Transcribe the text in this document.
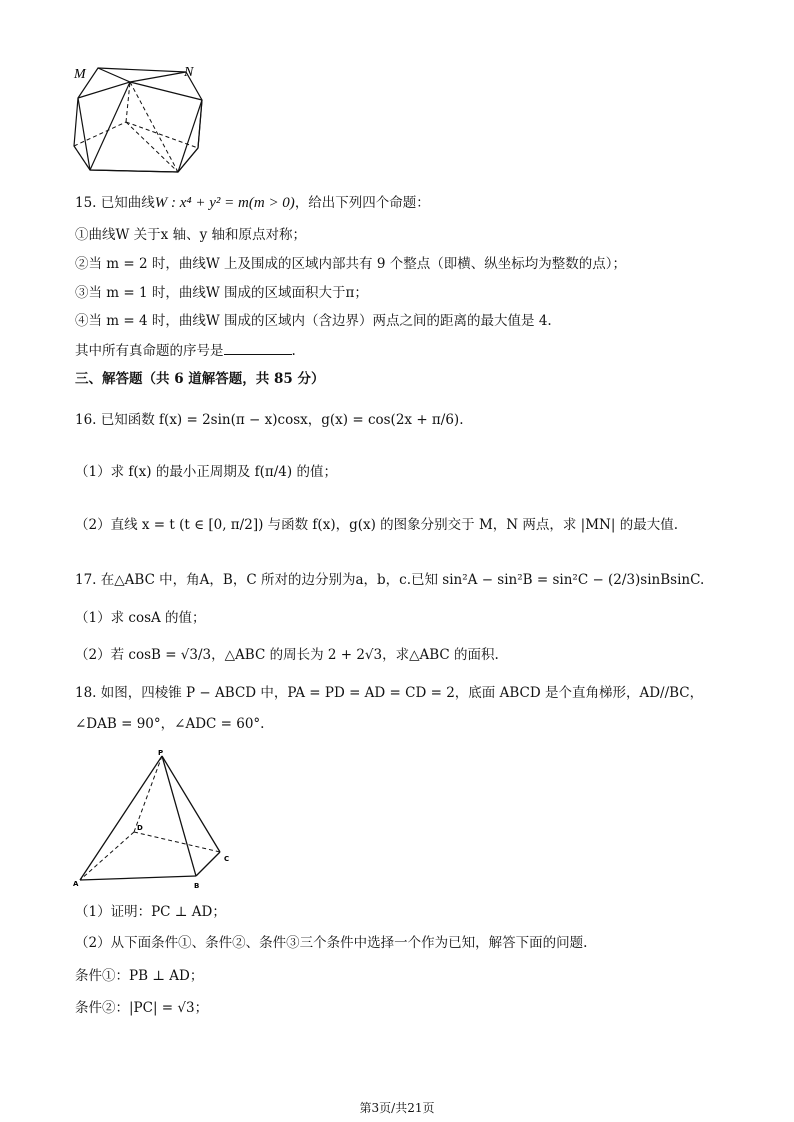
M	N
15. 已知曲线W : x⁴ + y² = m(m > 0)，给出下列四个命题：
①曲线W 关于x 轴、y 轴和原点对称；
②当 m = 2 时，曲线W 上及围成的区域内部共有 9 个整点（即横、纵坐标均为整数的点）；
③当 m = 1 时，曲线W 围成的区域面积大于π；
④当 m = 4 时，曲线W 围成的区域内（含边界）两点之间的距离的最大值是 4.
其中所有真命题的序号是	.
三、解答题（共 6 道解答题，共 85 分）
16. 已知函数 f(x) = 2sin(π − x)cosx，g(x) = cos(2x + π/6).
（1）求 f(x) 的最小正周期及 f(π/4) 的值；
（2）直线 x = t (t ∈ [0, π/2]) 与函数 f(x)，g(x) 的图象分别交于 M，N 两点，求 |MN| 的最大值.
17. 在△ABC 中，角A，B，C 所对的边分别为a，b，c.已知 sin²A − sin²B = sin²C − (2/3)sinBsinC.
（1）求 cosA 的值；
（2）若 cosB = √3/3，△ABC 的周长为 2 + 2√3，求△ABC 的面积.
18. 如图，四棱锥 P − ABCD 中，PA = PD = AD = CD = 2，底面 ABCD 是个直角梯形，AD//BC，
∠DAB = 90°，∠ADC = 60°.
P
D
C
A	B
（1）证明：PC ⊥ AD；
（2）从下面条件①、条件②、条件③三个条件中选择一个作为已知，解答下面的问题.
条件①：PB ⊥ AD；
条件②：|PC| = √3；
第3页/共21页
